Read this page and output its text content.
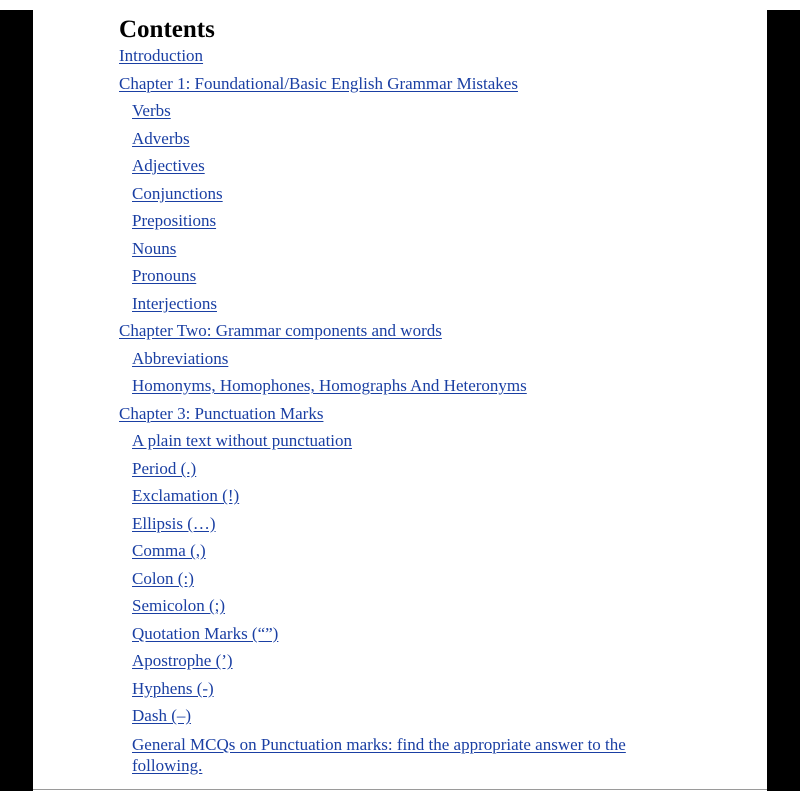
Contents
Introduction
Chapter 1: Foundational/Basic English Grammar Mistakes
Verbs
Adverbs
Adjectives
Conjunctions
Prepositions
Nouns
Pronouns
Interjections
Chapter Two: Grammar components and words
Abbreviations
Homonyms, Homophones, Homographs And Heteronyms
Chapter 3: Punctuation Marks
A plain text without punctuation
Period (.)
Exclamation (!)
Ellipsis (…)
Comma (,)
Colon (:)
Semicolon (;)
Quotation Marks (“”)
Apostrophe (’)
Hyphens (-)
Dash (–)
General MCQs on Punctuation marks: find the appropriate answer to the following.
